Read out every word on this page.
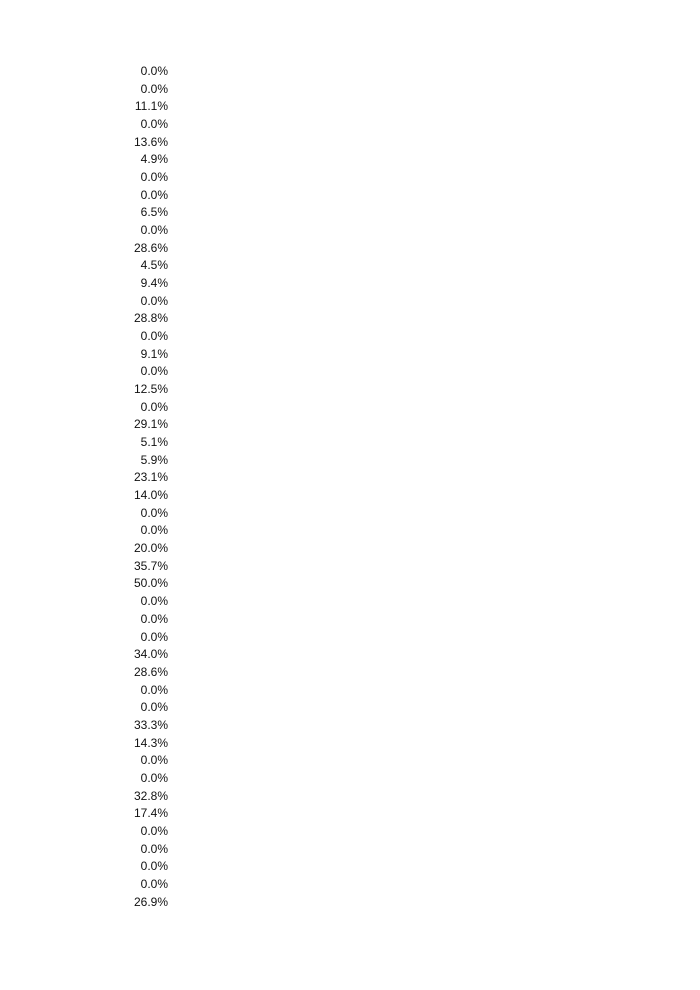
0.0%
0.0%
11.1%
0.0%
13.6%
4.9%
0.0%
0.0%
6.5%
0.0%
28.6%
4.5%
9.4%
0.0%
28.8%
0.0%
9.1%
0.0%
12.5%
0.0%
29.1%
5.1%
5.9%
23.1%
14.0%
0.0%
0.0%
20.0%
35.7%
50.0%
0.0%
0.0%
0.0%
34.0%
28.6%
0.0%
0.0%
33.3%
14.3%
0.0%
0.0%
32.8%
17.4%
0.0%
0.0%
0.0%
0.0%
26.9%
